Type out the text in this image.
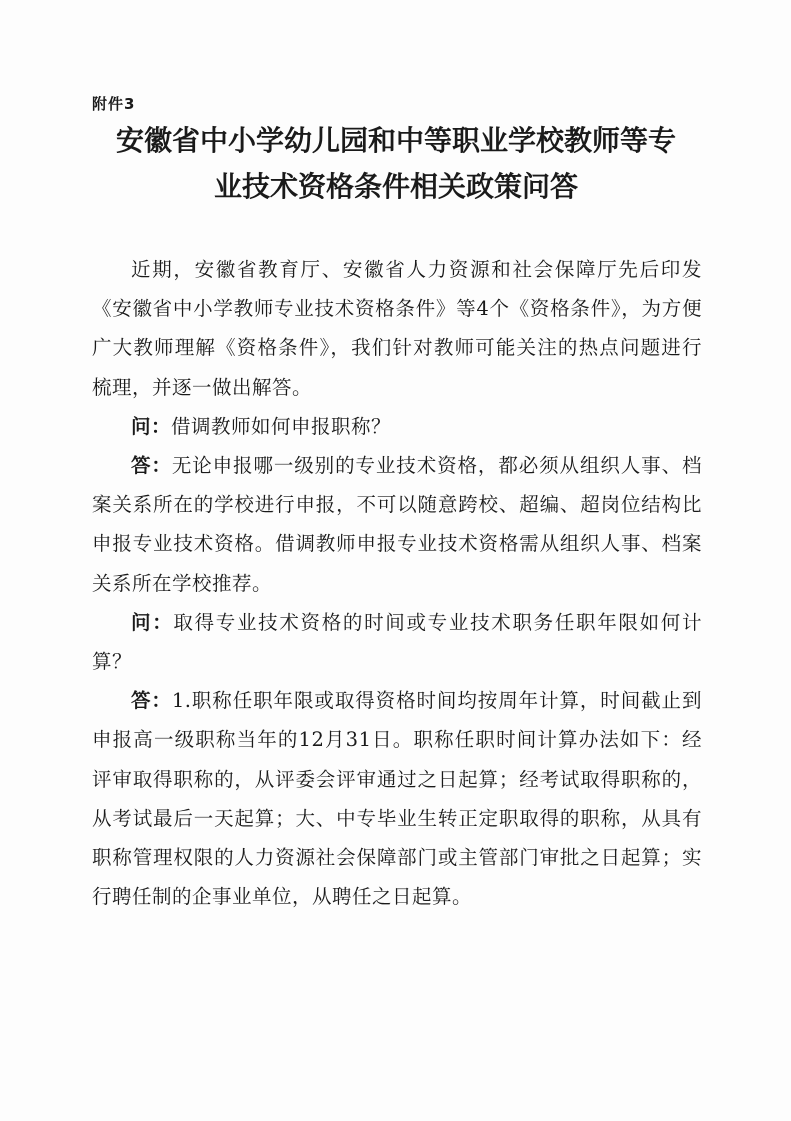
附件3
安徽省中小学幼儿园和中等职业学校教师等专
业技术资格条件相关政策问答

近期，安徽省教育厅、安徽省人力资源和社会保障厅先后印发《安徽省中小学教师专业技术资格条件》等4个《资格条件》，为方便广大教师理解《资格条件》，我们针对教师可能关注的热点问题进行梳理，并逐一做出解答。

问：借调教师如何申报职称？

答：无论申报哪一级别的专业技术资格，都必须从组织人事、档案关系所在的学校进行申报，不可以随意跨校、超编、超岗位结构比申报专业技术资格。借调教师申报专业技术资格需从组织人事、档案关系所在学校推荐。

问：取得专业技术资格的时间或专业技术职务任职年限如何计算？

答：1.职称任职年限或取得资格时间均按周年计算，时间截止到申报高一级职称当年的12月31日。职称任职时间计算办法如下：经评审取得职称的，从评委会评审通过之日起算；经考试取得职称的，从考试最后一天起算；大、中专毕业生转正定职取得的职称，从具有职称管理权限的人力资源社会保障部门或主管部门审批之日起算；实行聘任制的企事业单位，从聘任之日起算。
